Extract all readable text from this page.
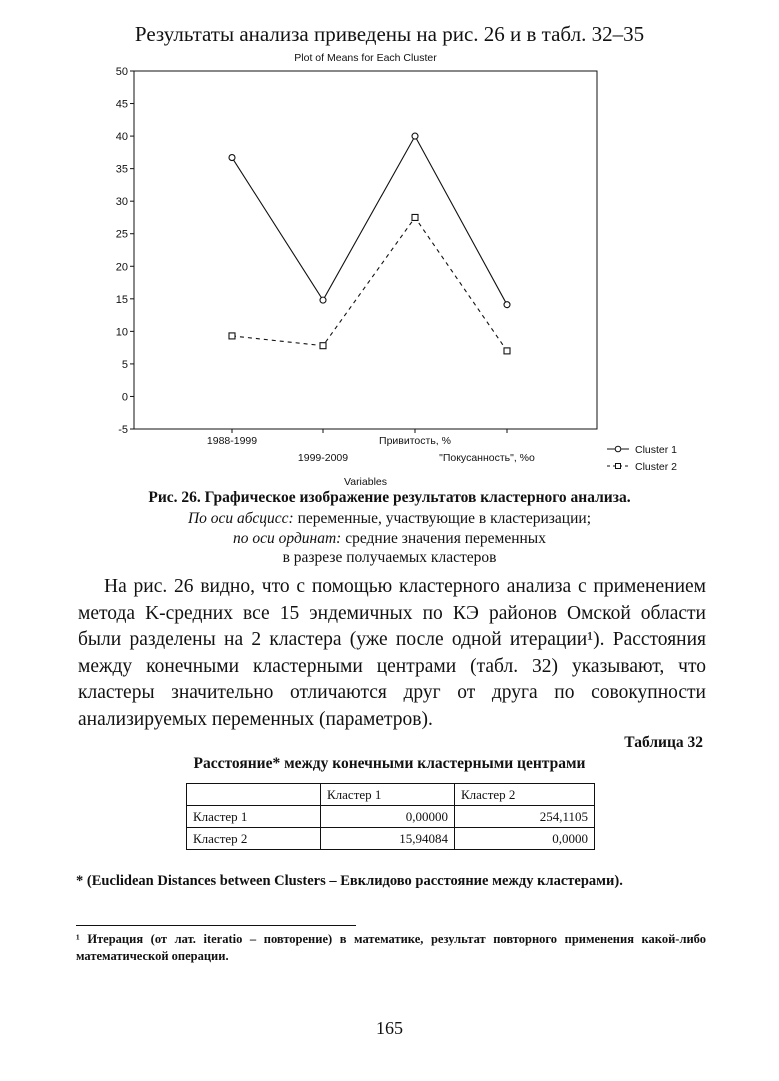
Результаты анализа приведены на рис. 26 и в табл. 32–35
Plot of Means for Each Cluster
-5
0
5
10
15
20
25
30
35
40
45
50
1988-1999
1999-2009
Привитость, %
"Покусанность", %o
Variables
Cluster 1
Cluster 2
Рис. 26. Графическое изображение результатов кластерного анализа.
По оси абсцисс: переменные, участвующие в кластеризации;
по оси ординат: средние значения переменных
в разрезе получаемых кластеров

На рис. 26 видно, что с помощью кластерного анализа с применением метода K-средних все 15 эндемичных по КЭ районов Омской области были разделены на 2 кластера (уже после одной итерации¹). Расстояния между конечными кластерными центрами (табл. 32) указывают, что кластеры значительно отличаются друг от друга по совокупности анализируемых переменных (параметров).

Таблица 32
Расстояние* между конечными кластерными центрами
	Кластер 1	Кластер 2
Кластер 1	0,00000	254,1105
Кластер 2	15,94084	0,0000
* (Euclidean Distances between Clusters – Евклидово расстояние между кластерами).
¹ Итерация (от лат. iteratio – повторение) в математике, результат повторного применения какой-либо математической операции.
165
